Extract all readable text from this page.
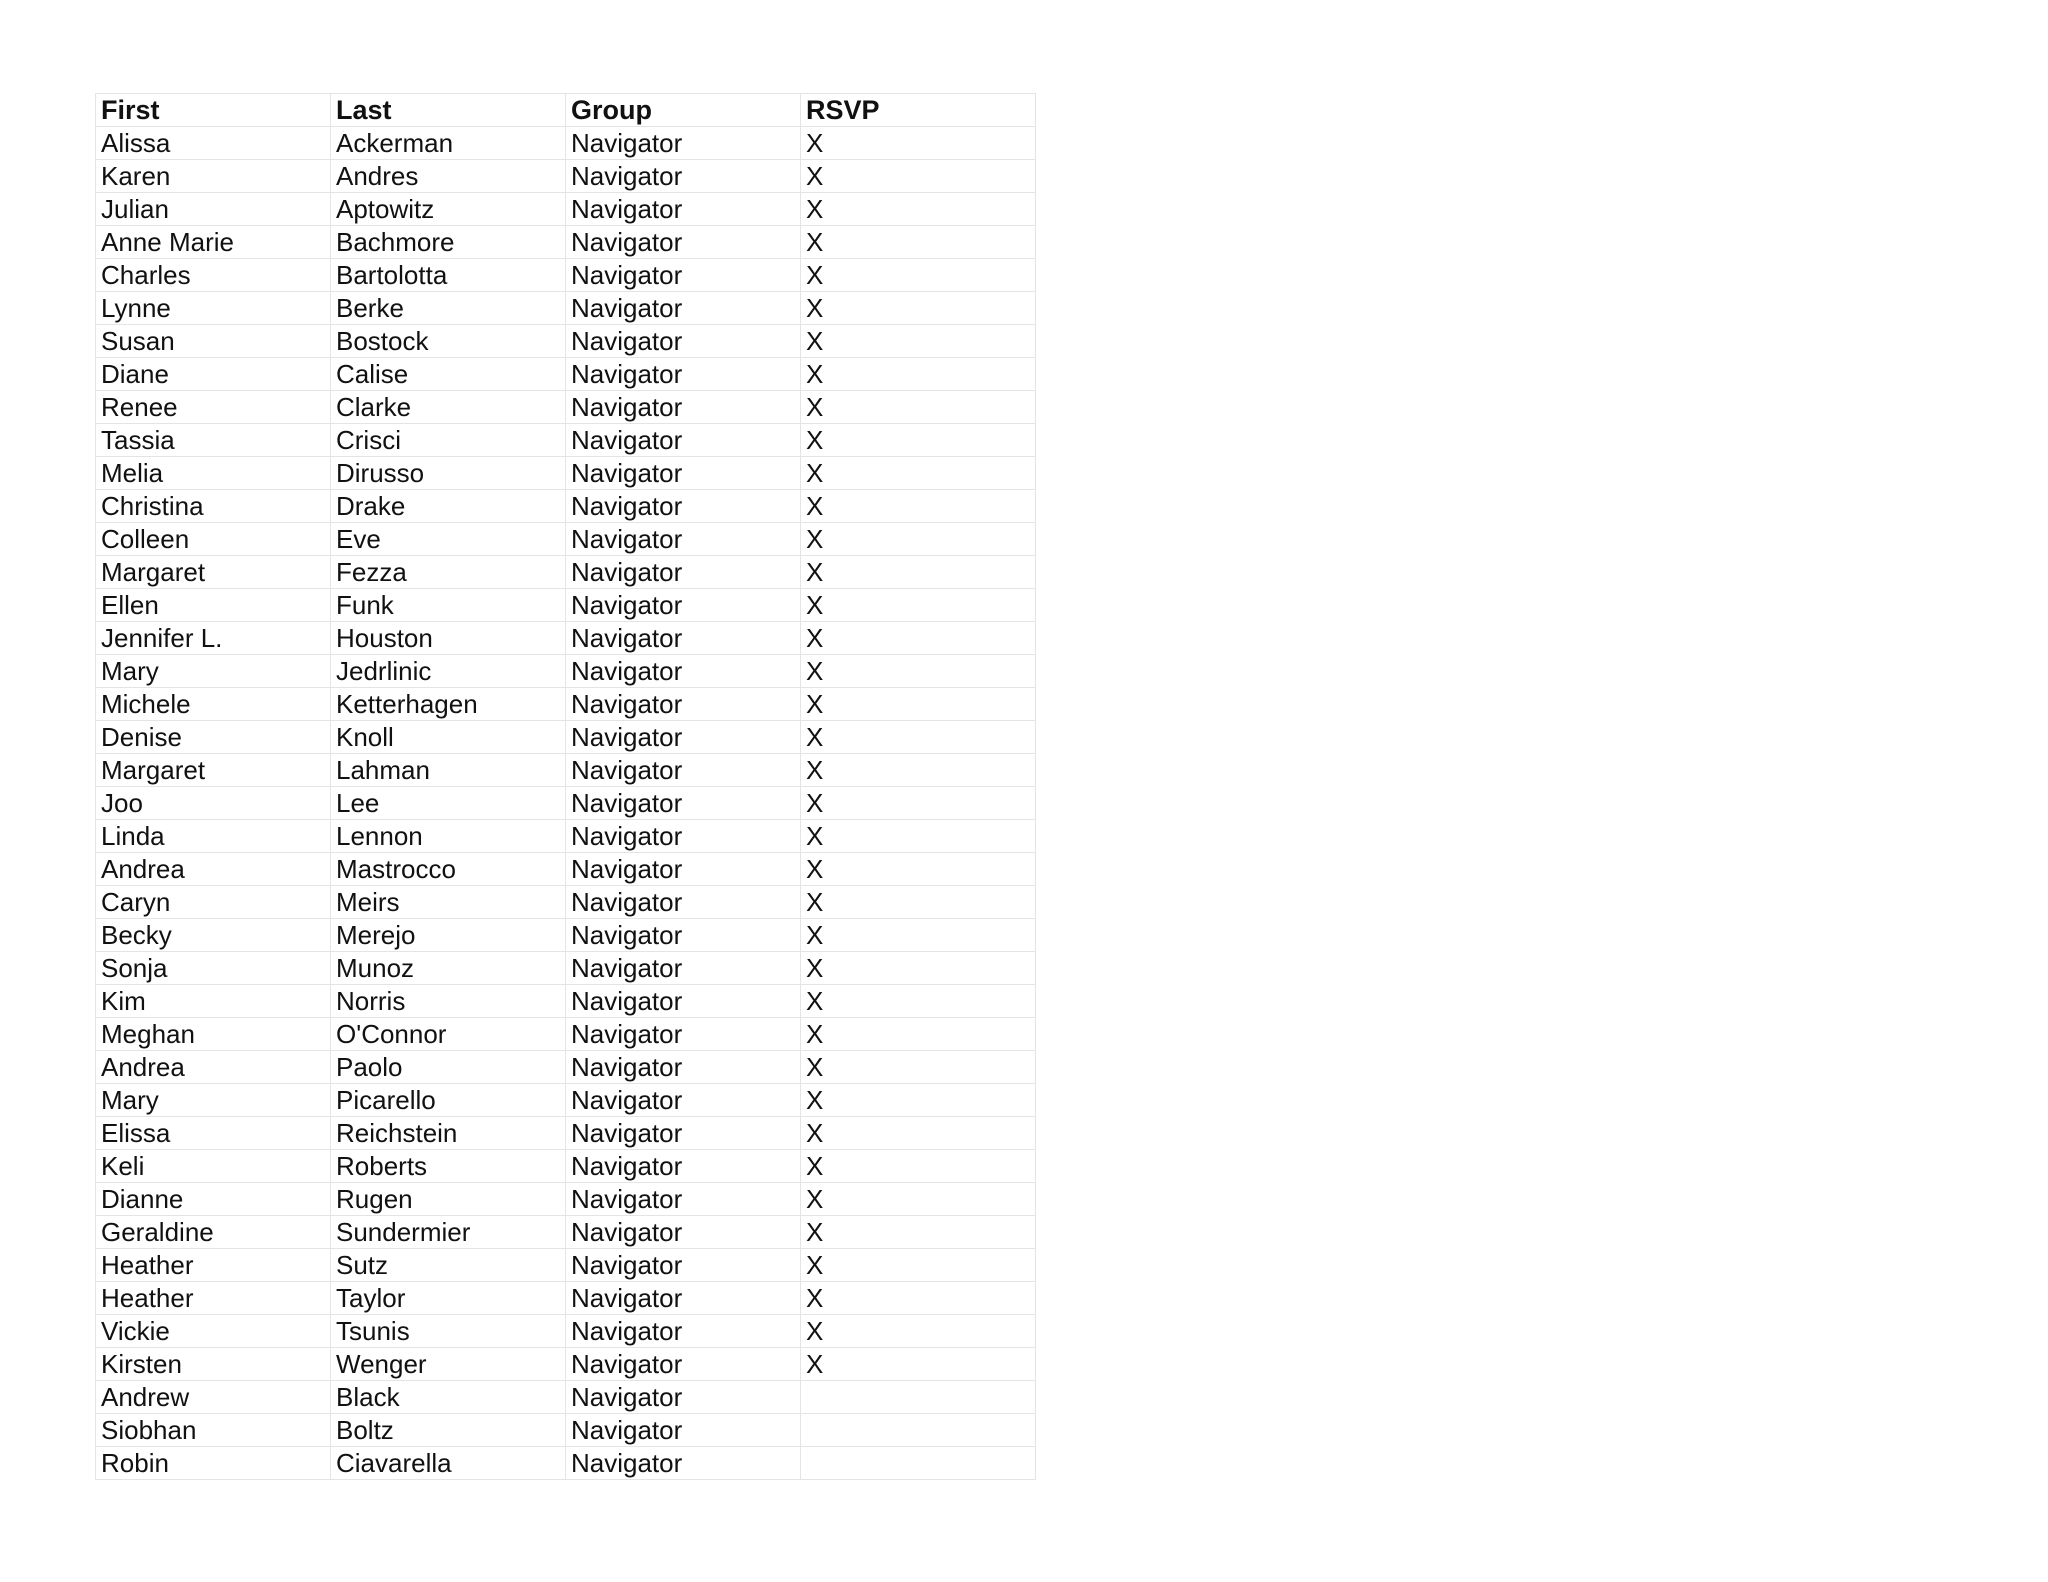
First	Last	Group	RSVP
Alissa	Ackerman	Navigator	X
Karen	Andres	Navigator	X
Julian	Aptowitz	Navigator	X
Anne Marie	Bachmore	Navigator	X
Charles	Bartolotta	Navigator	X
Lynne	Berke	Navigator	X
Susan	Bostock	Navigator	X
Diane	Calise	Navigator	X
Renee	Clarke	Navigator	X
Tassia	Crisci	Navigator	X
Melia	Dirusso	Navigator	X
Christina	Drake	Navigator	X
Colleen	Eve	Navigator	X
Margaret	Fezza	Navigator	X
Ellen	Funk	Navigator	X
Jennifer L.	Houston	Navigator	X
Mary	Jedrlinic	Navigator	X
Michele	Ketterhagen	Navigator	X
Denise	Knoll	Navigator	X
Margaret	Lahman	Navigator	X
Joo	Lee	Navigator	X
Linda	Lennon	Navigator	X
Andrea	Mastrocco	Navigator	X
Caryn	Meirs	Navigator	X
Becky	Merejo	Navigator	X
Sonja	Munoz	Navigator	X
Kim	Norris	Navigator	X
Meghan	O'Connor	Navigator	X
Andrea	Paolo	Navigator	X
Mary	Picarello	Navigator	X
Elissa	Reichstein	Navigator	X
Keli	Roberts	Navigator	X
Dianne	Rugen	Navigator	X
Geraldine	Sundermier	Navigator	X
Heather	Sutz	Navigator	X
Heather	Taylor	Navigator	X
Vickie	Tsunis	Navigator	X
Kirsten	Wenger	Navigator	X
Andrew	Black	Navigator	
Siobhan	Boltz	Navigator	
Robin	Ciavarella	Navigator	
